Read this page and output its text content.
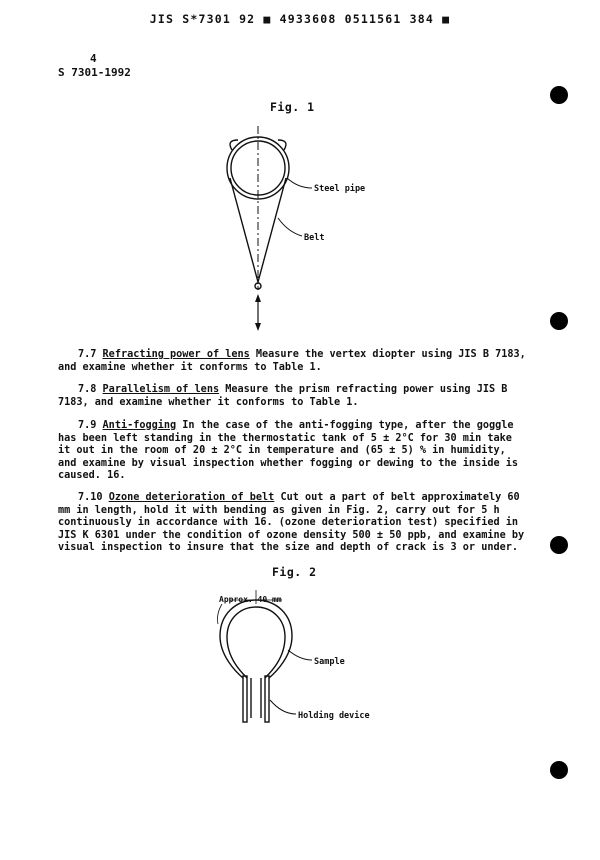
JIS S*7301 92 ■ 4933608 0511561 384 ■
4
S 7301-1992
Fig. 1
Steel pipe
Belt

7.7 Refracting power of lens Measure the vertex diopter using JIS B 7183, and examine whether it conforms to Table 1.

7.8 Parallelism of lens Measure the prism refracting power using JIS B 7183, and examine whether it conforms to Table 1.

7.9 Anti-fogging In the case of the anti-fogging type, after the goggle has been left standing in the thermostatic tank of 5 ± 2°C for 30 min take it out in the room of 20 ± 2°C in temperature and (65 ± 5) % in humidity, and examine by visual inspection whether fogging or dewing to the inside is caused. 16.

7.10 Ozone deterioration of belt Cut out a part of belt approximately 60 mm in length, hold it with bending as given in Fig. 2, carry out for 5 h continuously in accordance with 16. (ozone deterioration test) specified in JIS K 6301 under the condition of ozone density 500 ± 50 ppb, and examine by visual inspection to insure that the size and depth of crack is 3 or under.

Fig. 2
Approx. 40 mm
Sample
Holding device
